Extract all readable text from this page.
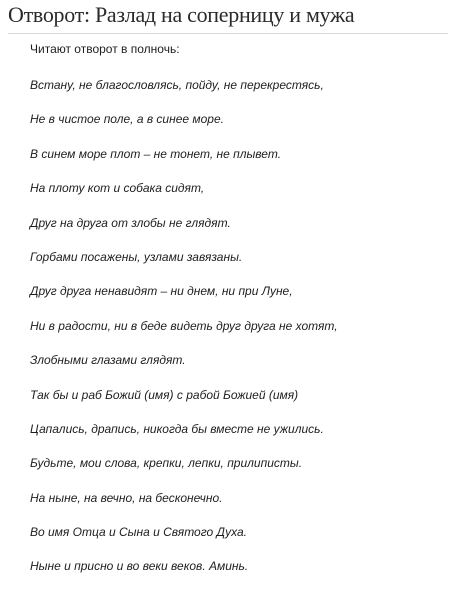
Отворот: Разлад на соперницу и мужа

Читают отворот в полночь:

Встану, не благословлясь, пойду, не перекрестясь,
Не в чистое поле, а в синее море.
В синем море плот – не тонет, не плывет.
На плоту кот и собака сидят,
Друг на друга от злобы не глядят.
Горбами посажены, узлами завязаны.
Друг друга ненавидят – ни днем, ни при Луне,
Ни в радости, ни в беде видеть друг друга не хотят,
Злобными глазами глядят.
Так бы и раб Божий (имя) с рабой Божией (имя)
Цапались, драпись, никогда бы вместе не ужились.
Будьте, мои слова, крепки, лепки, прилиписты.
На ныне, на вечно, на бесконечно.
Во имя Отца и Сына и Святого Духа.
Ныне и присно и во веки веков. Аминь.
